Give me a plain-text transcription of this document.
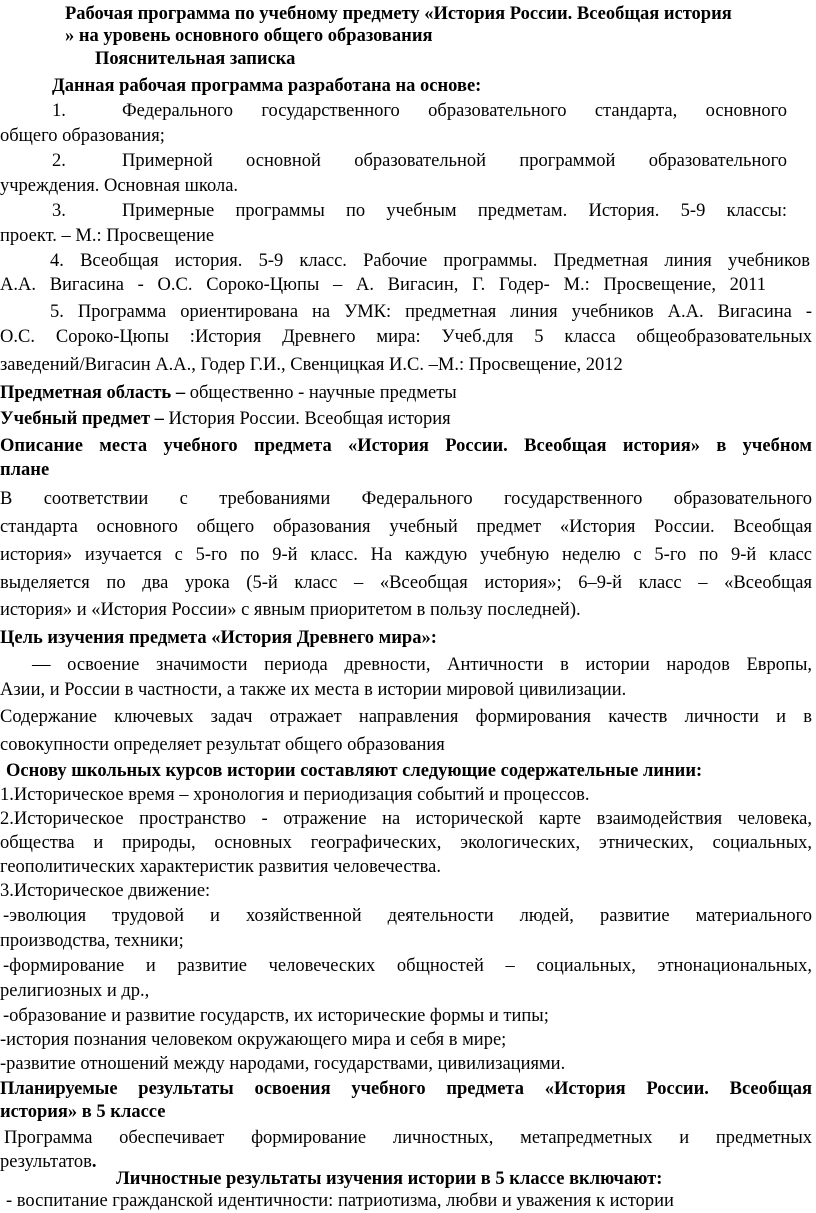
Рабочая программа по учебному предмету «История России. Всеобщая история
» на уровень основного общего образования
Пояснительная записка
Данная рабочая программа разработана на основе:
1.	Федерального государственного образовательного стандарта, основного
общего образования;
2.	Примерной основной образовательной программой образовательного
учреждения. Основная школа.
3.	Примерные программы по учебным предметам. История. 5-9 классы:
проект. – М.: Просвещение
4. Всеобщая история. 5-9 класс. Рабочие программы. Предметная линия учебников
А.А. Вигасина - О.С. Сороко-Цюпы – А. Вигасин, Г. Годер- М.: Просвещение, 2011
5. Программа ориентирована на УМК: предметная линия учебников А.А. Вигасина -
О.С. Сороко-Цюпы :История Древнего мира: Учеб.для 5 класса общеобразовательных
заведений/Вигасин А.А., Годер Г.И., Свенцицкая И.С. –М.: Просвещение, 2012
Предметная область – общественно - научные предметы
Учебный предмет – История России. Всеобщая история
Описание места учебного предмета «История России. Всеобщая история» в учебном
плане
В соответствии с требованиями Федерального государственного образовательного
стандарта основного общего образования учебный предмет «История России. Всеобщая
история» изучается с 5-го по 9-й класс. На каждую учебную неделю с 5-го по 9-й класс
выделяется по два урока (5-й класс – «Всеобщая история»; 6–9-й класс – «Всеобщая
история» и «История России» с явным приоритетом в пользу последней).
Цель изучения предмета «История Древнего мира»:
— освоение значимости периода древности, Античности в истории народов Европы,
Азии, и России в частности, а также их места в истории мировой цивилизации.
Содержание ключевых задач отражает направления формирования качеств личности и в
совокупности определяет результат общего образования
Основу школьных курсов истории составляют следующие содержательные линии:
1.Историческое время – хронология и периодизация событий и процессов.
2.Историческое пространство - отражение на исторической карте взаимодействия человека,
общества и природы, основных географических, экологических, этнических, социальных,
геополитических характеристик развития человечества.
3.Историческое движение:
-эволюция трудовой и хозяйственной деятельности людей, развитие материального
производства, техники;
-формирование и развитие человеческих общностей – социальных, этнонациональных,
религиозных и др.,
-образование и развитие государств, их исторические формы и типы;
-история познания человеком окружающего мира и себя в мире;
-развитие отношений между народами, государствами, цивилизациями.
Планируемые результаты освоения учебного предмета «История России. Всеобщая
история» в 5 классе
Программа обеспечивает формирование личностных, метапредметных и предметных
результатов.
Личностные результаты изучения истории в 5 классе включают:
- воспитание гражданской идентичности: патриотизма, любви и уважения к истории
